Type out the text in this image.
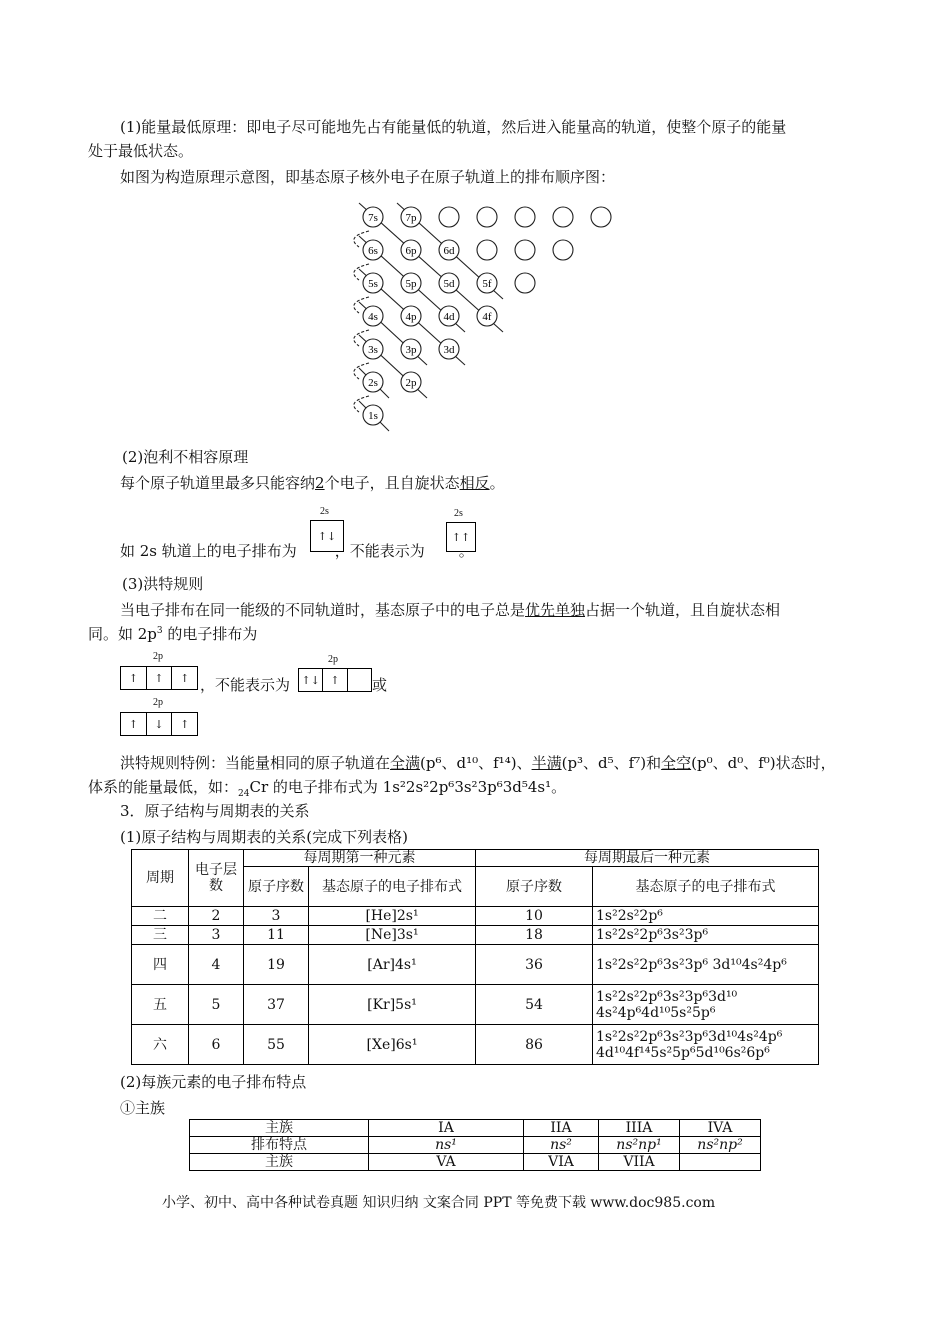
(1)能量最低原理：即电子尽可能地先占有能量低的轨道，然后进入能量高的轨道，使整个原子的能量
处于最低状态。
如图为构造原理示意图，即基态原子核外电子在原子轨道上的排布顺序图：
7s	7p
6s	6p 6d
5s	5p 5d	5f
4s	4p 4d	4f
3s	3p 3d
2s	2p
1s
(2)泡利不相容原理
每个原子轨道里最多只能容纳2个电子，且自旋状态相反。
如 2s 轨道上的电子排布为	，不能表示为 。
2s
↑↓
2s
↑↑
(3)洪特规则
当电子排布在同一能级的不同轨道时，基态原子中的电子总是优先单独占据一个轨道，且自旋状态相
同。如 $2p^3$ 的电子排布为
2p
↑	↑	↑ ，不能表示为
2p
↑↓ ↑	或
2p
↑	↓	↑
洪特规则特例：当能量相同的原子轨道在全满(p⁶、d¹⁰、f¹⁴)、半满(p³、d⁵、f⁷)和全空(p⁰、d⁰、f⁰)状态时，
体系的能量最低，如：$_{24}$Cr 的电子排布式为 1s²2s²2p⁶3s²3p⁶3d⁵4s¹。
3．原子结构与周期表的关系
(1)原子结构与周期表的关系(完成下列表格)
周期	电子层数	每周期第一种元素		每周期最后一种元素	
		原子序数	基态原子的电子排布式	原子序数	基态原子的电子排布式
二	2	3	[He]2s¹	10	1s²2s²2p⁶
三	3	11	[Ne]3s¹	18	1s²2s²2p⁶3s²3p⁶
四	4	19	[Ar]4s¹	36	1s²2s²2p⁶3s²3p⁶ 3d¹⁰4s²4p⁶
五	5	37	[Kr]5s¹	54	1s²2s²2p⁶3s²3p⁶3d¹⁰ 4s²4p⁶4d¹⁰5s²5p⁶
六	6	55	[Xe]6s¹	86	1s²2s²2p⁶3s²3p⁶3d¹⁰4s²4p⁶ 4d¹⁰4f¹⁴5s²5p⁶5d¹⁰6s²6p⁶
(2)每族元素的电子排布特点
①主族
主族	IA	IIA	IIIA	IVA
排布特点	ns¹	ns²	ns²np¹	ns²np²
主族	VA	VIA	VIIA	
小学、初中、高中各种试卷真题 知识归纳 文案合同 PPT 等免费下载 www.doc985.com
